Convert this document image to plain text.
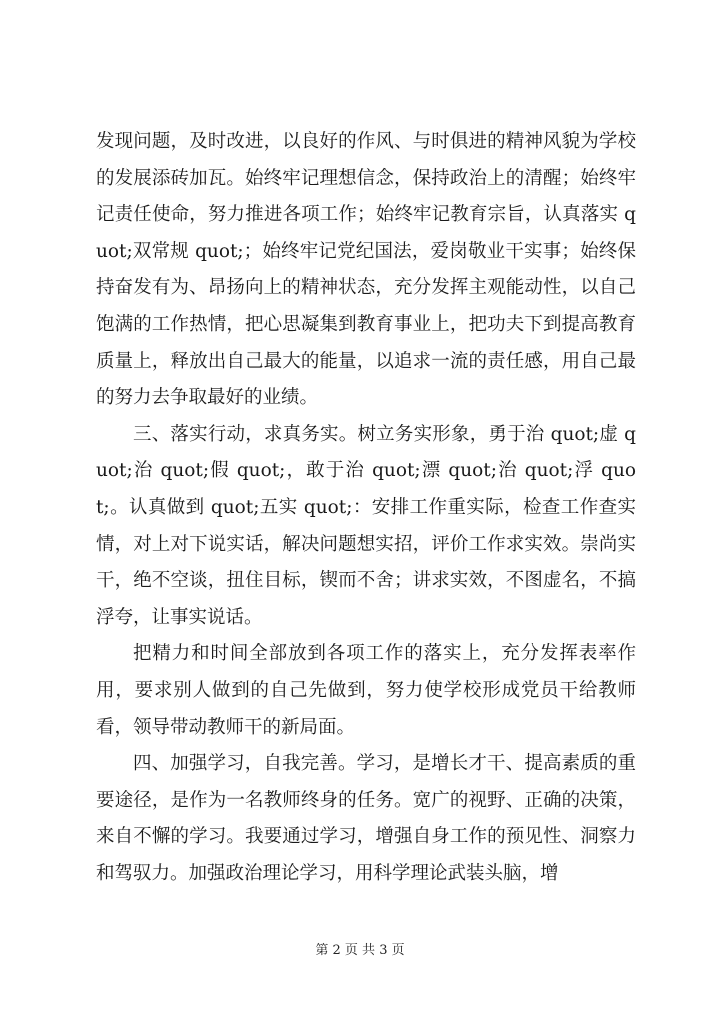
发现问题，及时改进，以良好的作风、与时俱进的精神风貌为学校的发展添砖加瓦。始终牢记理想信念，保持政治上的清醒；始终牢记责任使命，努力推进各项工作；始终牢记教育宗旨，认真落实 quot;双常规 quot;；始终牢记党纪国法，爱岗敬业干实事；始终保持奋发有为、昂扬向上的精神状态，充分发挥主观能动性，以自己饱满的工作热情，把心思凝集到教育事业上，把功夫下到提高教育质量上，释放出自己最大的能量，以追求一流的责任感，用自己最的努力去争取最好的业绩。

三、落实行动，求真务实。树立务实形象，勇于治 quot;虚 quot;治 quot;假 quot;，敢于治 quot;漂 quot;治 quot;浮 quot;。认真做到 quot;五实 quot;：安排工作重实际，检查工作查实情，对上对下说实话，解决问题想实招，评价工作求实效。崇尚实干，绝不空谈，扭住目标，锲而不舍；讲求实效，不图虚名，不搞浮夸，让事实说话。

把精力和时间全部放到各项工作的落实上，充分发挥表率作用，要求别人做到的自己先做到，努力使学校形成党员干给教师看，领导带动教师干的新局面。

四、加强学习，自我完善。学习，是增长才干、提高素质的重要途径，是作为一名教师终身的任务。宽广的视野、正确的决策，来自不懈的学习。我要通过学习，增强自身工作的预见性、洞察力和驾驭力。加强政治理论学习，用科学理论武装头脑，增

第 2 页 共 3 页
